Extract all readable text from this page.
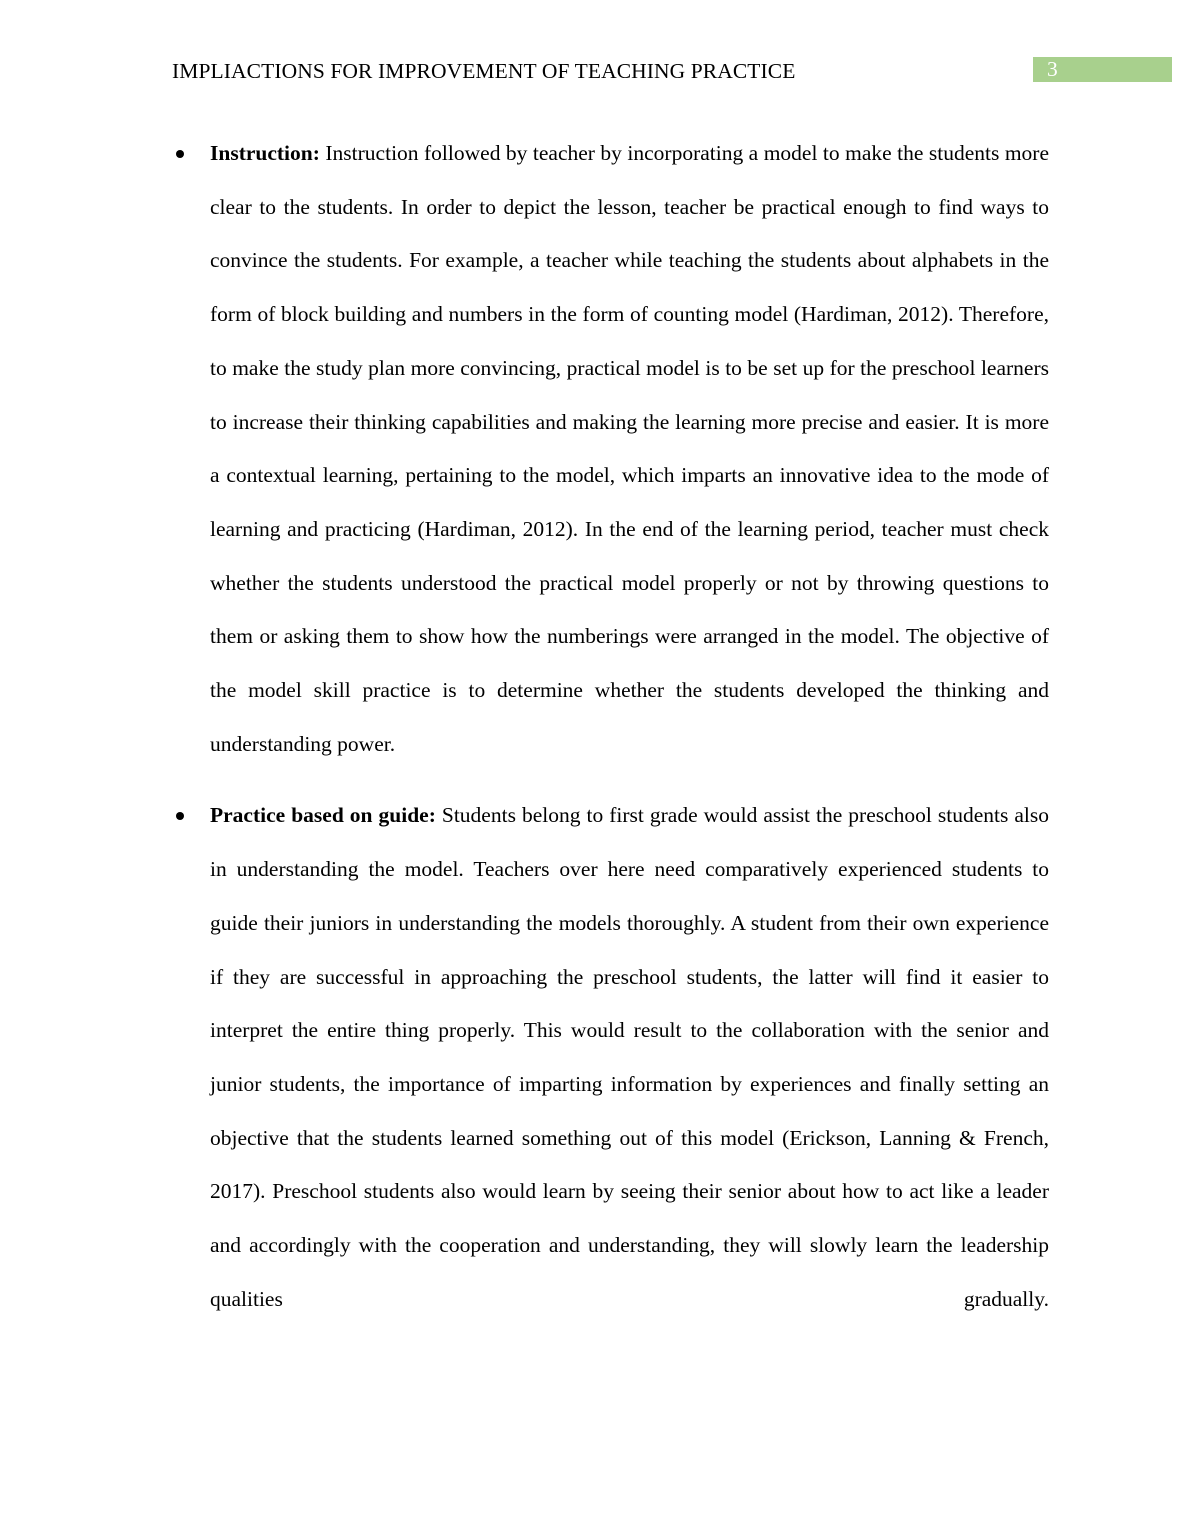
IMPLIACTIONS FOR IMPROVEMENT OF TEACHING PRACTICE	3
Instruction: Instruction followed by teacher by incorporating a model to make the students more clear to the students. In order to depict the lesson, teacher be practical enough to find ways to convince the students. For example, a teacher while teaching the students about alphabets in the form of block building and numbers in the form of counting model (Hardiman, 2012). Therefore, to make the study plan more convincing, practical model is to be set up for the preschool learners to increase their thinking capabilities and making the learning more precise and easier. It is more a contextual learning, pertaining to the model, which imparts an innovative idea to the mode of learning and practicing (Hardiman, 2012). In the end of the learning period, teacher must check whether the students understood the practical model properly or not by throwing questions to them or asking them to show how the numberings were arranged in the model. The objective of the model skill practice is to determine whether the students developed the thinking and understanding power.
Practice based on guide: Students belong to first grade would assist the preschool students also in understanding the model. Teachers over here need comparatively experienced students to guide their juniors in understanding the models thoroughly. A student from their own experience if they are successful in approaching the preschool students, the latter will find it easier to interpret the entire thing properly. This would result to the collaboration with the senior and junior students, the importance of imparting information by experiences and finally setting an objective that the students learned something out of this model (Erickson, Lanning & French, 2017). Preschool students also would learn by seeing their senior about how to act like a leader and accordingly with the cooperation and understanding, they will slowly learn the leadership qualities gradually.
